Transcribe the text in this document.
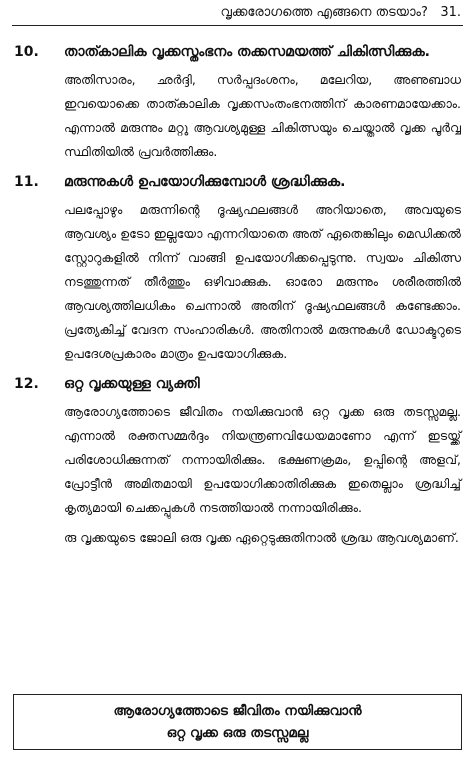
വൃക്കരോഗത്തെ എങ്ങനെ തടയാം? 31.
10.	താത്കാലിക വൃക്കസ്തംഭനം തക്കസമയത്ത് ചികിത്സിക്കുക.

അതിസാരം, ഛർദ്ദി, സർപ്പദംശനം, മലേറിയ, അണുബാധ ഇവയൊക്കെ താത്കാലിക വൃക്കസംതംഭനത്തിന് കാരണമായേക്കാം. എന്നാൽ മരുന്നും മറ്റു ആവശ്യമുള്ള ചികിത്സയും ചെയ്താൽ വൃക്ക പൂർവ്വ സ്ഥിതിയിൽ പ്രവർത്തിക്കും.

11.	മരുന്നുകൾ ഉപയോഗിക്കുമ്പോൾ ശ്രദ്ധിക്കുക.

പലപ്പോഴും മരുന്നിന്റെ ദൂഷ്യഫലങ്ങൾ അറിയാതെ, അവയുടെ ആവശ്യം ഉടോ ഇല്ലയോ എന്നറിയാതെ അത് ഏതെങ്കിലും മെഡിക്കൽ സ്റ്റോറുകളിൽ നിന്ന് വാങ്ങി ഉപയോഗിക്കപ്പെടുന്നു. സ്വയം ചികിത്സ നടത്തുന്നത് തീർത്തും ഒഴിവാക്കുക. ഓരോ മരുന്നും ശരീരത്തിൽ ആവശ്യത്തിലധികം ചെന്നാൽ അതിന് ദൂഷ്യഫലങ്ങൾ കണ്ടേക്കാം. പ്രത്യേകിച്ച് വേദന സംഹാരികൾ. അതിനാൽ മരുന്നുകൾ ഡോക്ടറുടെ ഉപദേശപ്രകാരം മാത്രം ഉപയോഗിക്കുക.

12.	ഒറ്റ വൃക്കയുള്ള വ്യക്തി

ആരോഗ്യത്തോടെ ജീവിതം നയിക്കുവാൻ ഒറ്റ വൃക്ക ഒരു തടസ്സമല്ല. എന്നാൽ രക്തസമ്മർദ്ദം നിയന്ത്രണവിധേയമാണോ എന്ന് ഇടയ്ക്ക് പരിശോധിക്കുന്നത് നന്നായിരിക്കും. ഭക്ഷണക്രമം, ഉപ്പിന്റെ അളവ്, പ്രോട്ടീൻ അമിതമായി ഉപയോഗിക്കാതിരിക്കുക ഇതെല്ലാം ശ്രദ്ധിച്ച് കൃത്യമായി ചെക്കപ്പുകൾ നടത്തിയാൽ നന്നായിരിക്കും.

രു വൃക്കയുടെ ജോലി ഒരു വൃക്ക ഏറ്റെടുക്കുതിനാൽ ശ്രദ്ധ ആവശ്യമാണ്.

ആരോഗ്യത്തോടെ ജീവിതം നയിക്കുവാൻ
ഒറ്റ വൃക്ക ഒരു തടസ്സമല്ല
